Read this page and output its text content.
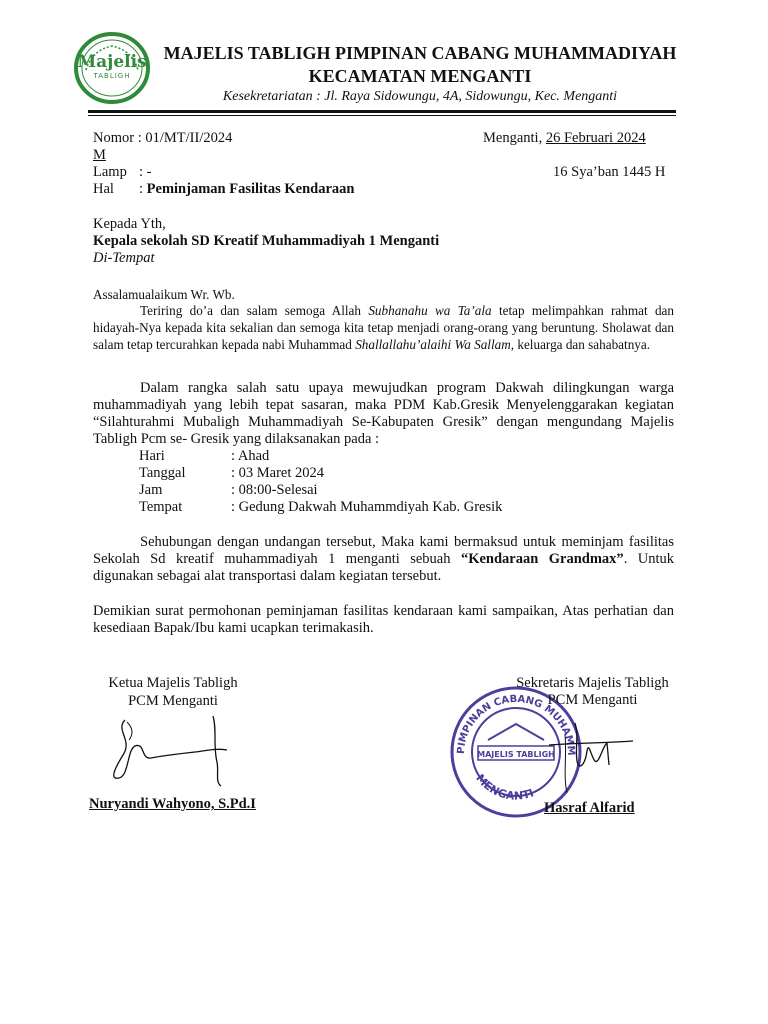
Majelis
TABLIGH
MAJELIS TABLIGH PIMPINAN CABANG MUHAMMADIYAH
KECAMATAN MENGANTI
Kesekretariatan : Jl. Raya Sidowungu, 4A, Sidowungu, Kec. Menganti
Nomor : 01/MT/II/2024	Menganti, 26 Februari 2024
M
Lamp : -	16 Sya’ban 1445 H
Hal : Peminjaman Fasilitas Kendaraan
Kepada Yth,
Kepala sekolah SD Kreatif Muhammadiyah 1 Menganti
Di-Tempat
Assalamualaikum Wr. Wb.
Teriring do’a dan salam semoga Allah Subhanahu wa Ta’ala tetap melimpahkan rahmat dan hidayah-Nya kepada kita sekalian dan semoga kita tetap menjadi orang-orang yang beruntung. Sholawat dan salam tetap tercurahkan kepada nabi Muhammad Shallallahu’alaihi Wa Sallam, keluarga dan sahabatnya.
Dalam rangka salah satu upaya mewujudkan program Dakwah dilingkungan warga muhammadiyah yang lebih tepat sasaran, maka PDM Kab.Gresik Menyelenggarakan kegiatan “Silahturahmi Mubaligh Muhammadiyah Se-Kabupaten Gresik” dengan mengundang Majelis Tabligh Pcm se- Gresik yang dilaksanakan pada :
Hari	: Ahad
Tanggal	: 03 Maret 2024
Jam	: 08:00-Selesai
Tempat	: Gedung Dakwah Muhammdiyah Kab. Gresik
Sehubungan dengan undangan tersebut, Maka kami bermaksud untuk meminjam fasilitas Sekolah Sd kreatif muhammadiyah 1 menganti sebuah “Kendaraan Grandmax”. Untuk digunakan sebagai alat transportasi dalam kegiatan tersebut.
Demikian surat permohonan peminjaman fasilitas kendaraan kami sampaikan, Atas perhatian dan kesediaan Bapak/Ibu kami ucapkan terimakasih.
Ketua Majelis Tabligh
PCM Menganti
Nuryandi Wahyono, S.Pd.I
PIMPINAN CABANG MUHAMM
MENGANTI
MAJELIS TABLIGH
Sekretaris Majelis Tabligh
PCM Menganti
Hasraf Alfarid
